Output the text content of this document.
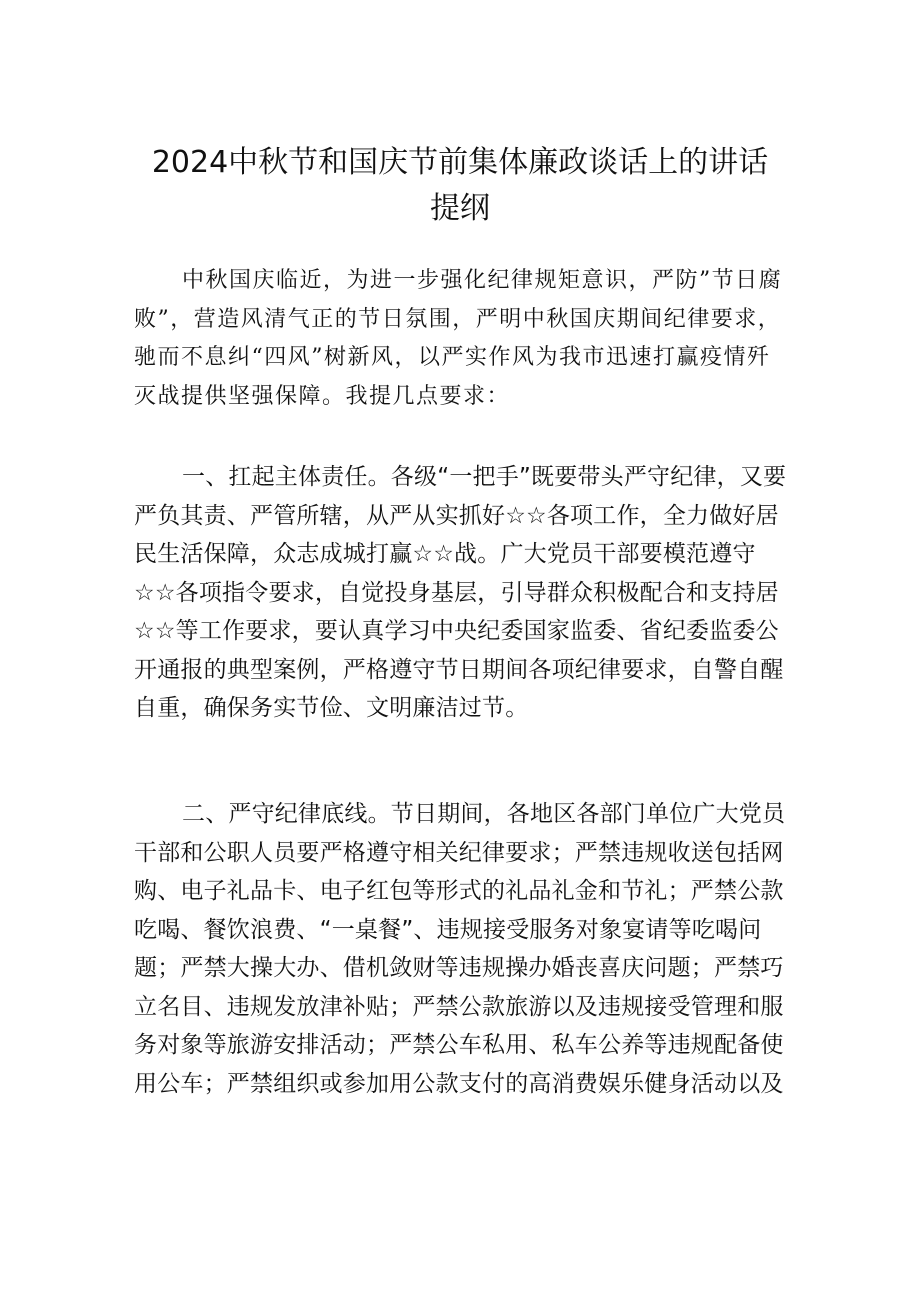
2024中秋节和国庆节前集体廉政谈话上的讲话
提纲
中秋国庆临近，为进一步强化纪律规矩意识，严防”节日腐败”，营造风清气正的节日氛围，严明中秋国庆期间纪律要求，驰而不息纠“四风”树新风，以严实作风为我市迅速打赢疫情歼灭战提供坚强保障。我提几点要求：
一、扛起主体责任。各级“一把手”既要带头严守纪律，又要严负其责、严管所辖，从严从实抓好☆☆各项工作，全力做好居民生活保障，众志成城打赢☆☆战。广大党员干部要模范遵守☆☆各项指令要求，自觉投身基层，引导群众积极配合和支持居☆☆等工作要求，要认真学习中央纪委国家监委、省纪委监委公开通报的典型案例，严格遵守节日期间各项纪律要求，自警自醒自重，确保务实节俭、文明廉洁过节。
二、严守纪律底线。节日期间，各地区各部门单位广大党员干部和公职人员要严格遵守相关纪律要求；严禁违规收送包括网购、电子礼品卡、电子红包等形式的礼品礼金和节礼；严禁公款吃喝、餐饮浪费、“一桌餐”、违规接受服务对象宴请等吃喝问题；严禁大操大办、借机敛财等违规操办婚丧喜庆问题；严禁巧立名目、违规发放津补贴；严禁公款旅游以及违规接受管理和服务对象等旅游安排活动；严禁公车私用、私车公养等违规配备使用公车；严禁组织或参加用公款支付的高消费娱乐健身活动以及
